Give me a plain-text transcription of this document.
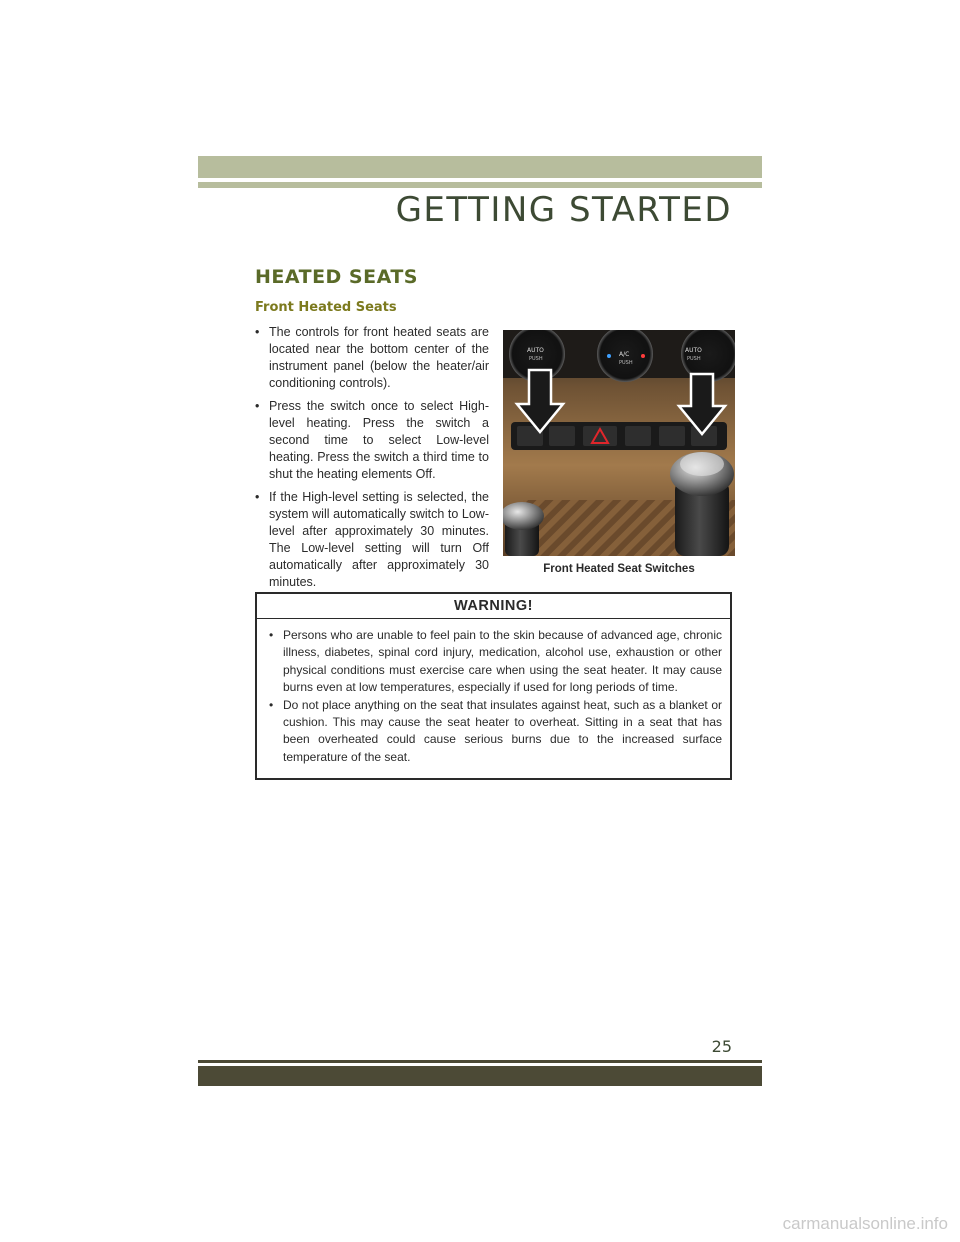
GETTING STARTED
HEATED SEATS
Front Heated Seats
• The controls for front heated seats are located near the bottom center of the instrument panel (below the heater/air conditioning controls).
• Press the switch once to select High-level heating. Press the switch a second time to select Low-level heating. Press the switch a third time to shut the heating elements Off.
• If the High-level setting is selected, the system will automatically switch to Low-level after approximately 30 minutes. The Low-level setting will turn Off automatically after approximately 30 minutes.
AUTO
PUSH
A/C
PUSH
AUTO
PUSH
Front Heated Seat Switches
WARNING!
• Persons who are unable to feel pain to the skin because of advanced age, chronic illness, diabetes, spinal cord injury, medication, alcohol use, exhaustion or other physical conditions must exercise care when using the seat heater. It may cause burns even at low temperatures, especially if used for long periods of time.
• Do not place anything on the seat that insulates against heat, such as a blanket or cushion. This may cause the seat heater to overheat. Sitting in a seat that has been overheated could cause serious burns due to the increased surface temperature of the seat.
25
carmanualsonline.info
